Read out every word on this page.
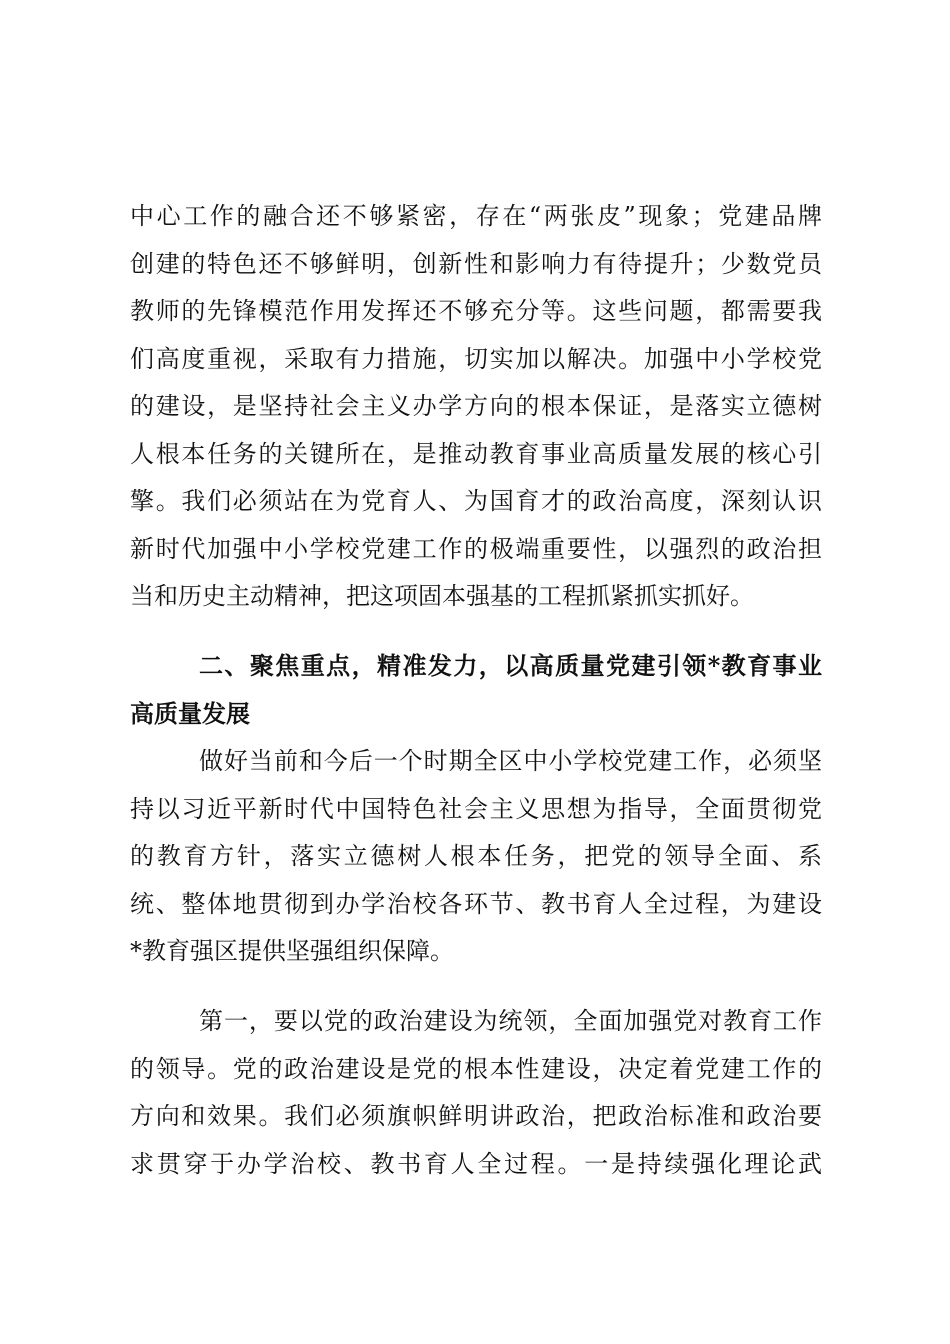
中心工作的融合还不够紧密，存在“两张皮”现象；党建品牌
创建的特色还不够鲜明，创新性和影响力有待提升；少数党员
教师的先锋模范作用发挥还不够充分等。这些问题，都需要我
们高度重视，采取有力措施，切实加以解决。加强中小学校党
的建设，是坚持社会主义办学方向的根本保证，是落实立德树
人根本任务的关键所在，是推动教育事业高质量发展的核心引
擎。我们必须站在为党育人、为国育才的政治高度，深刻认识
新时代加强中小学校党建工作的极端重要性，以强烈的政治担
当和历史主动精神，把这项固本强基的工程抓紧抓实抓好。
二、聚焦重点，精准发力，以高质量党建引领*教育事业
高质量发展
做好当前和今后一个时期全区中小学校党建工作，必须坚
持以习近平新时代中国特色社会主义思想为指导，全面贯彻党
的教育方针，落实立德树人根本任务，把党的领导全面、系
统、整体地贯彻到办学治校各环节、教书育人全过程，为建设
*教育强区提供坚强组织保障。
第一，要以党的政治建设为统领，全面加强党对教育工作
的领导。党的政治建设是党的根本性建设，决定着党建工作的
方向和效果。我们必须旗帜鲜明讲政治，把政治标准和政治要
求贯穿于办学治校、教书育人全过程。一是持续强化理论武
